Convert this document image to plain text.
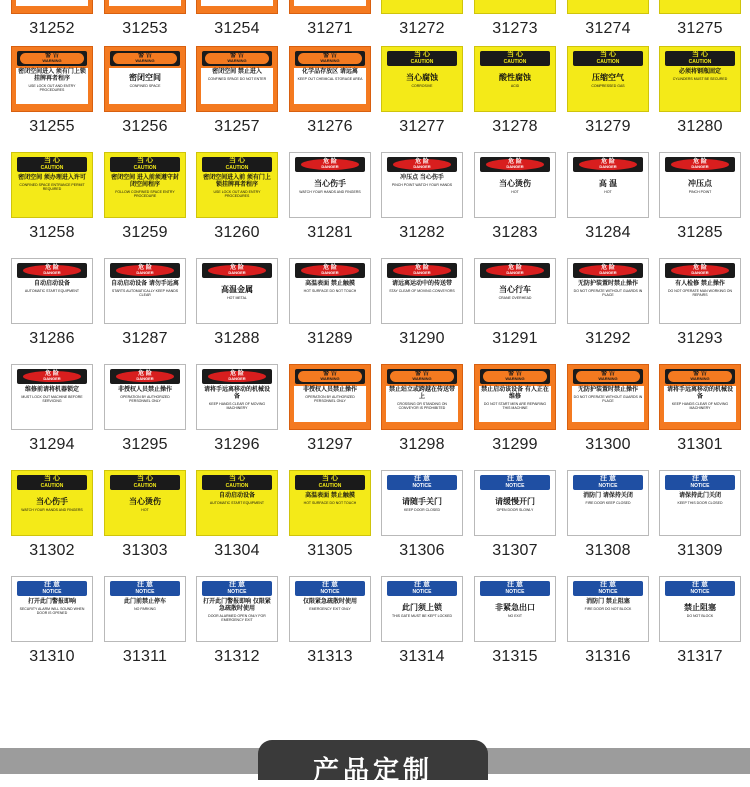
31252	31253	31254	31271	31272	31273	31274	31275
警 告
WARNING
密闭空间进入 须有门上锁挂牌再者程序
USE LOCK OUT AND ENTRY PROCEDURES
31255
警 告
WARNING
密闭空间
CONFINED SPACE
31256
警 告
WARNING
密闭空间 禁止进入
CONFINED SPACE DO NOT ENTER
31257
警 告
WARNING
化学品存放区 请远离
KEEP OUT CHEMICAL STORAGE AREA
31276
当 心
CAUTION
当心腐蚀
CORROSIVE
31277
当 心
CAUTION
酸性腐蚀
ACID
31278
当 心
CAUTION
压缩空气
COMPRESSED GAS
31279
当 心
CAUTION
必须将钢瓶固定
CYLINDERS MUST BE SECURED
31280
当 心
CAUTION
密闭空间 须办理进入许可
CONFINED SPACE ENTRANCE PERMIT REQUIRED
31258
当 心
CAUTION
密闭空间 进入前须遵守封闭空间程序
FOLLOW CONFINED SPACE ENTRY PROCEDURE
31259
当 心
CAUTION
密闭空间进入前 须有门上锁挂牌再者程序
USE LOCK OUT AND ENTRY PROCEDURES
31260
危 险
DANGER
当心伤手
WATCH YOUR HANDS AND FINGERS
31281
危 险
DANGER
冲压点 当心伤手
PINCH POINT WATCH YOUR HANDS
31282
危 险
DANGER
当心烫伤
HOT
31283
危 险
DANGER
高 温
HOT
31284
危 险
DANGER
冲压点
PINCH POINT
31285
危 险
DANGER
自动启动设备
AUTOMATIC START EQUIPMENT
31286
危 险
DANGER
自动启动设备 请勿手远离
STARTS AUTOMATICALLY KEEP HANDS CLEAR
31287
危 险
DANGER
高温金属
HOT METAL
31288
危 险
DANGER
高温表面 禁止触摸
HOT SURFACE DO NOT TOUCH
31289
危 险
DANGER
请远离运动中的传送带
STAY CLEAR OF MOVING CONVEYORS
31290
危 险
DANGER
当心行车
CRANE OVERHEAD
31291
危 险
DANGER
无防护装置时禁止操作
DO NOT OPERATE WITHOUT GUARDS IN PLACE
31292
危 险
DANGER
有人检修 禁止操作
DO NOT OPERATE MAN WORKING ON REPAIRS
31293
危 险
DANGER
维修前请将机器锁定
MUST LOCK OUT MACHINE BEFORE SERVICING
31294
危 险
DANGER
非授权人员禁止操作
OPERATION BY AUTHORIZED PERSONNEL ONLY
31295
危 险
DANGER
请将手远离移动的机械设备
KEEP HANDS CLEAR OF MOVING MACHINERY
31296
警 告
WARNING
非授权人员禁止操作
OPERATION BY AUTHORIZED PERSONNEL ONLY
31297
警 告
WARNING
禁止站立或跨越在传送带上
CROSSING OR STANDING ON CONVEYOR IS PROHIBITED
31298
警 告
WARNING
禁止启动该设备 有人正在维修
DO NOT START MEN ARE REPAIRING THIS MACHINE
31299
警 告
WARNING
无防护装置时禁止操作
DO NOT OPERATE WITHOUT GUARDS IN PLACE
31300
警 告
WARNING
请将手远离移动的机械设备
KEEP HANDS CLEAR OF MOVING MACHINERY
31301
当 心
CAUTION
当心伤手
WATCH YOUR HANDS AND FINGERS
31302
当 心
CAUTION
当心烫伤
HOT
31303
当 心
CAUTION
自动启动设备
AUTOMATIC START EQUIPMENT
31304
当 心
CAUTION
高温表面 禁止触摸
HOT SURFACE DO NOT TOUCH
31305
注 意
NOTICE
请随手关门
KEEP DOOR CLOSED
31306
注 意
NOTICE
请缓慢开门
OPEN DOOR SLOWLY
31307
注 意
NOTICE
消防门 请保持关闭
FIRE DOOR KEEP CLOSED
31308
注 意
NOTICE
请保持此门关闭
KEEP THIS DOOR CLOSED
31309
注 意
NOTICE
打开此门警报即响
SECURITY ALARM WILL SOUND WHEN DOOR IS OPENED
31310
注 意
NOTICE
此门前禁止停车
NO PARKING
31311
注 意
NOTICE
打开此门警报即响 仅限紧急疏散时使用
DOOR ALARMED OPEN ONLY FOR EMERGENCY EXIT
31312
注 意
NOTICE
仅限紧急疏散时使用
EMERGENCY EXIT ONLY
31313
注 意
NOTICE
此门须上锁
THIS GATE MUST BE KEPT LOCKED
31314
注 意
NOTICE
非紧急出口
NO EXIT
31315
注 意
NOTICE
消防门 禁止阻塞
FIRE DOOR DO NOT BLOCK
31316
注 意
NOTICE
禁止阻塞
DO NOT BLOCK
31317
产品定制
